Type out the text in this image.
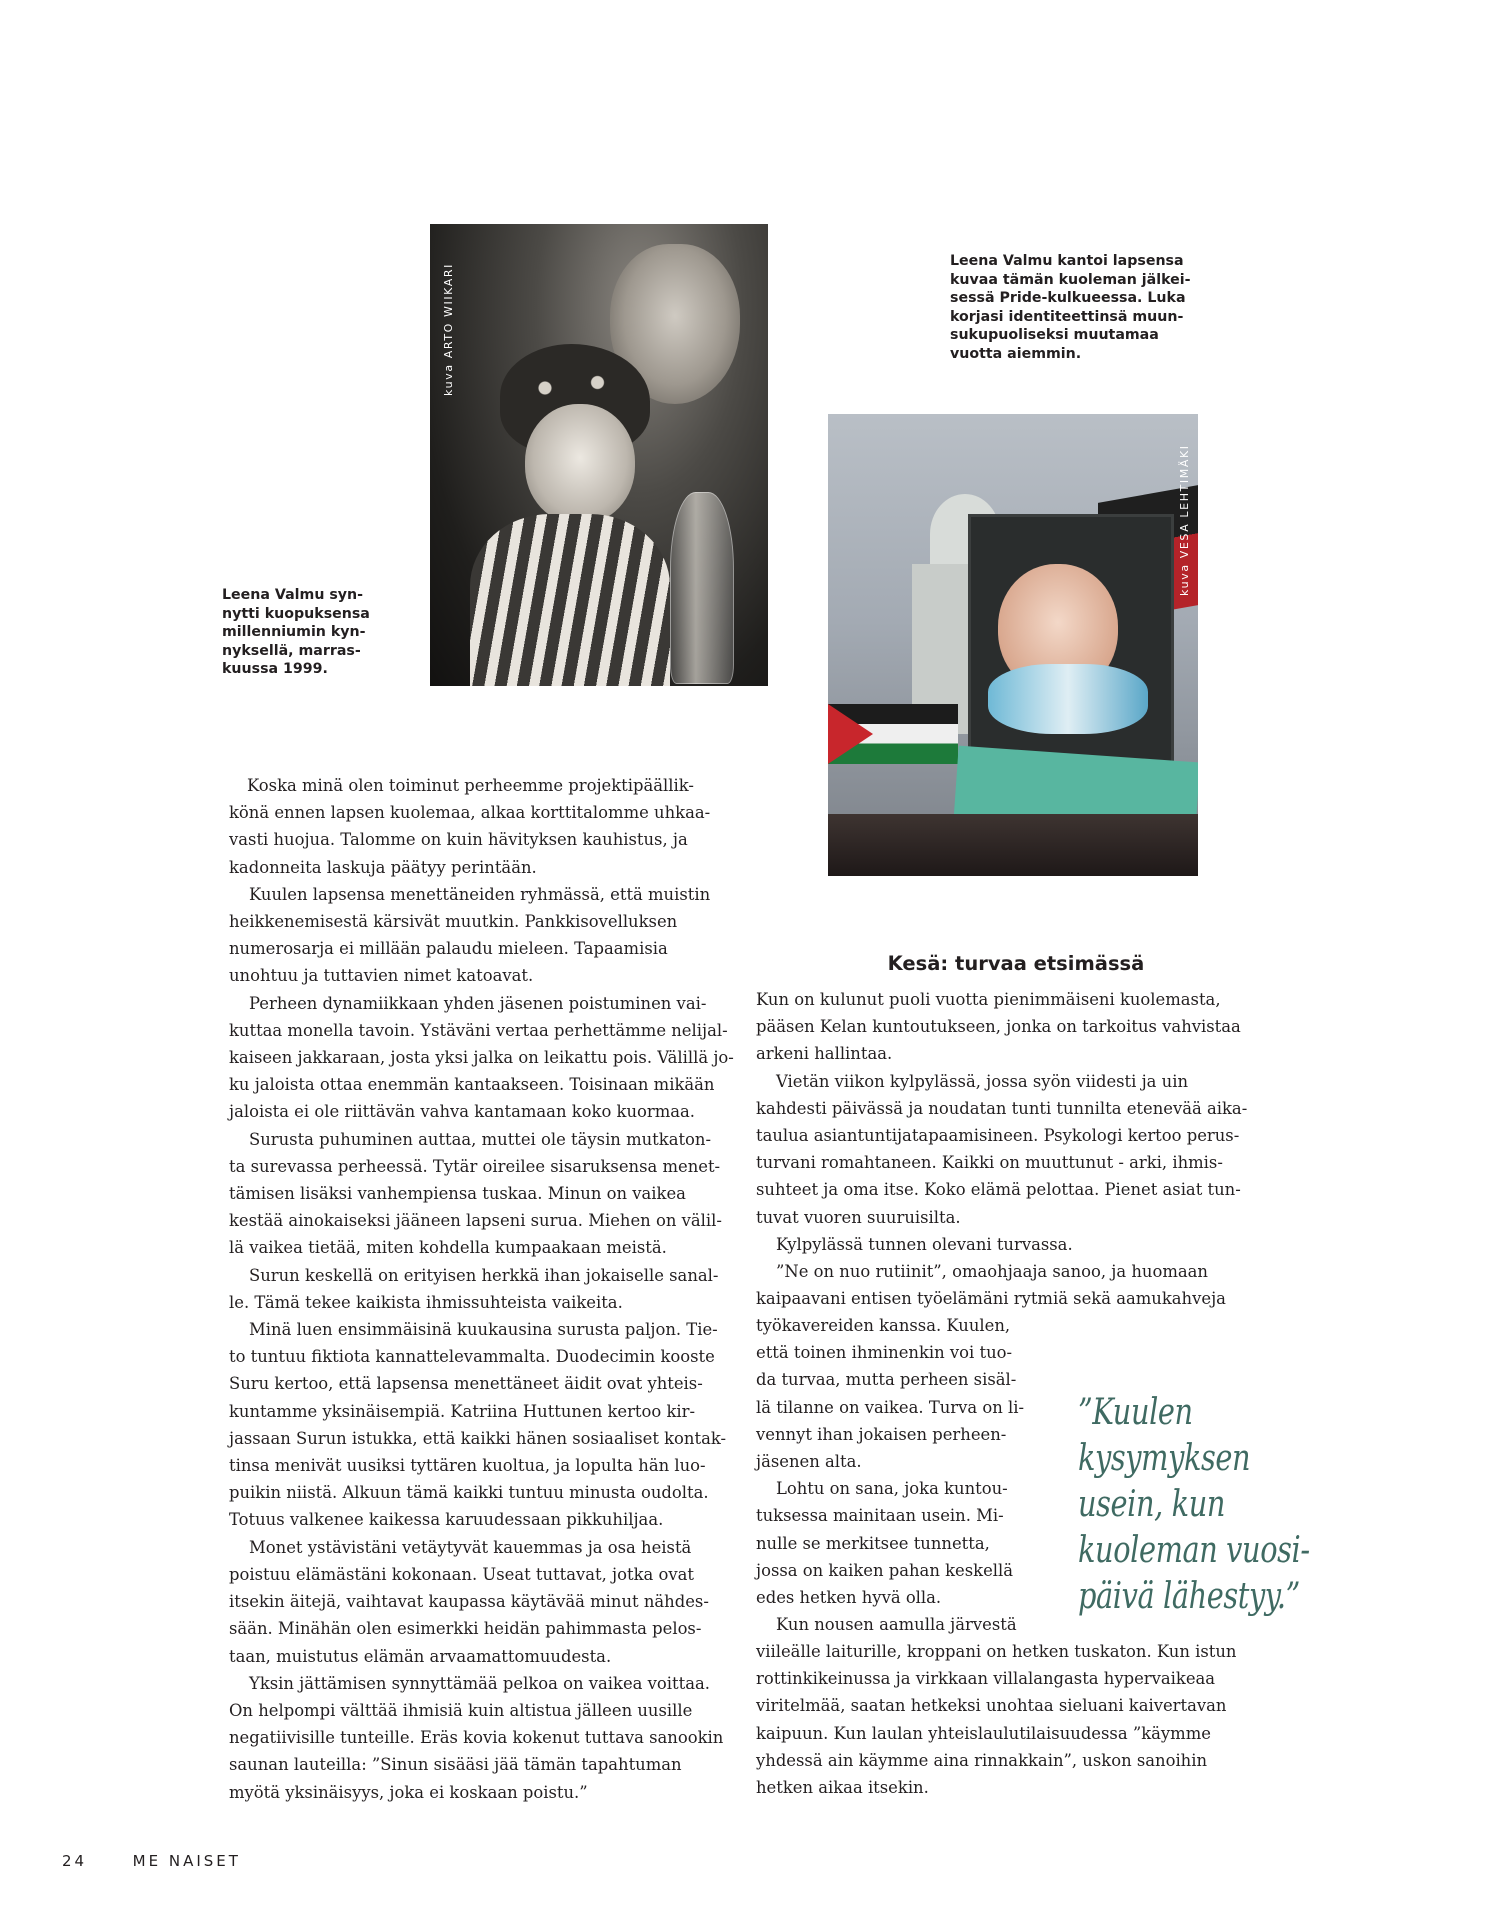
kuva ARTO WIIKARI
Leena Valmu syn-
nytti kuopuksensa
millenniumin kyn-
nyksellä, marras-
kuussa 1999.
Leena Valmu kantoi lapsensa
kuvaa tämän kuoleman jälkei-
sessä Pride-kulkueessa. Luka
korjasi identiteettinsä muun-
sukupuoliseksi muutamaa
vuotta aiemmin.
kuva VESA LEHTIMÄKI

Koska minä olen toiminut perheemme projektipäällik-
könä ennen lapsen kuolemaa, alkaa korttitalomme uhkaa-
vasti huojua. Talomme on kuin hävityksen kauhistus, ja
kadonneita laskuja päätyy perintään.

Kuulen lapsensa menettäneiden ryhmässä, että muistin
heikkenemisestä kärsivät muutkin. Pankkisovelluksen
numerosarja ei millään palaudu mieleen. Tapaamisia
unohtuu ja tuttavien nimet katoavat.

Perheen dynamiikkaan yhden jäsenen poistuminen vai-
kuttaa monella tavoin. Ystäväni vertaa perhettämme nelijal-
kaiseen jakkaraan, josta yksi jalka on leikattu pois. Välillä jo-
ku jaloista ottaa enemmän kantaakseen. Toisinaan mikään
jaloista ei ole riittävän vahva kantamaan koko kuormaa.

Surusta puhuminen auttaa, muttei ole täysin mutkaton-
ta surevassa perheessä. Tytär oireilee sisaruksensa menet-
tämisen lisäksi vanhempiensa tuskaa. Minun on vaikea
kestää ainokaiseksi jääneen lapseni surua. Miehen on välil-
lä vaikea tietää, miten kohdella kumpaakaan meistä.

Surun keskellä on erityisen herkkä ihan jokaiselle sanal-
le. Tämä tekee kaikista ihmissuhteista vaikeita.

Minä luen ensimmäisinä kuukausina surusta paljon. Tie-
to tuntuu fiktiota kannattelevammalta. Duodecimin kooste
Suru kertoo, että lapsensa menettäneet äidit ovat yhteis-
kuntamme yksinäisempiä. Katriina Huttunen kertoo kir-
jassaan Surun istukka, että kaikki hänen sosiaaliset kontak-
tinsa menivät uusiksi tyttären kuoltua, ja lopulta hän luo-
puikin niistä. Alkuun tämä kaikki tuntuu minusta oudolta.
Totuus valkenee kaikessa karuudessaan pikkuhiljaa.

Monet ystävistäni vetäytyvät kauemmas ja osa heistä
poistuu elämästäni kokonaan. Useat tuttavat, jotka ovat
itsekin äitejä, vaihtavat kaupassa käytävää minut nähdes-
sään. Minähän olen esimerkki heidän pahimmasta pelos-
taan, muistutus elämän arvaamattomuudesta.

Yksin jättämisen synnyttämää pelkoa on vaikea voittaa.
On helpompi välttää ihmisiä kuin altistua jälleen uusille
negatiivisille tunteille. Eräs kovia kokenut tuttava sanookin
saunan lauteilla: ”Sinun sisääsi jää tämän tapahtuman
myötä yksinäisyys, joka ei koskaan poistu.”

Kesä: turvaa etsimässä

Kun on kulunut puoli vuotta pienimmäiseni kuolemasta,
pääsen Kelan kuntoutukseen, jonka on tarkoitus vahvistaa
arkeni hallintaa.

Vietän viikon kylpylässä, jossa syön viidesti ja uin
kahdesti päivässä ja noudatan tunti tunnilta etenevää aika-
taulua asiantuntijatapaamisineen. Psykologi kertoo perus-
turvani romahtaneen. Kaikki on muuttunut - arki, ihmis-
suhteet ja oma itse. Koko elämä pelottaa. Pienet asiat tun-
tuvat vuoren suuruisilta.

Kylpylässä tunnen olevani turvassa.

”Ne on nuo rutiinit”, omaohjaaja sanoo, ja huomaan
kaipaavani entisen työelämäni rytmiä sekä aamukahveja

työkavereiden kanssa. Kuulen,
että toinen ihminenkin voi tuo-
da turvaa, mutta perheen sisäl-
lä tilanne on vaikea. Turva on li-
vennyt ihan jokaisen perheen-
jäsenen alta.

Lohtu on sana, joka kuntou-
tuksessa mainitaan usein. Mi-
nulle se merkitsee tunnetta,
jossa on kaiken pahan keskellä
edes hetken hyvä olla.

Kun nousen aamulla järvestä

viileälle laiturille, kroppani on hetken tuskaton. Kun istun
rottinkikeinussa ja virkkaan villalangasta hypervaikeaa
viritelmää, saatan hetkeksi unohtaa sieluani kaivertavan
kaipuun. Kun laulan yhteislaulutilaisuudessa ”käymme
yhdessä ain käymme aina rinnakkain”, uskon sanoihin
hetken aikaa itsekin.
”Kuulen kysymyksen
usein, kun
kuoleman vuosi-
päivä lähestyy.”
24	ME NAISET
